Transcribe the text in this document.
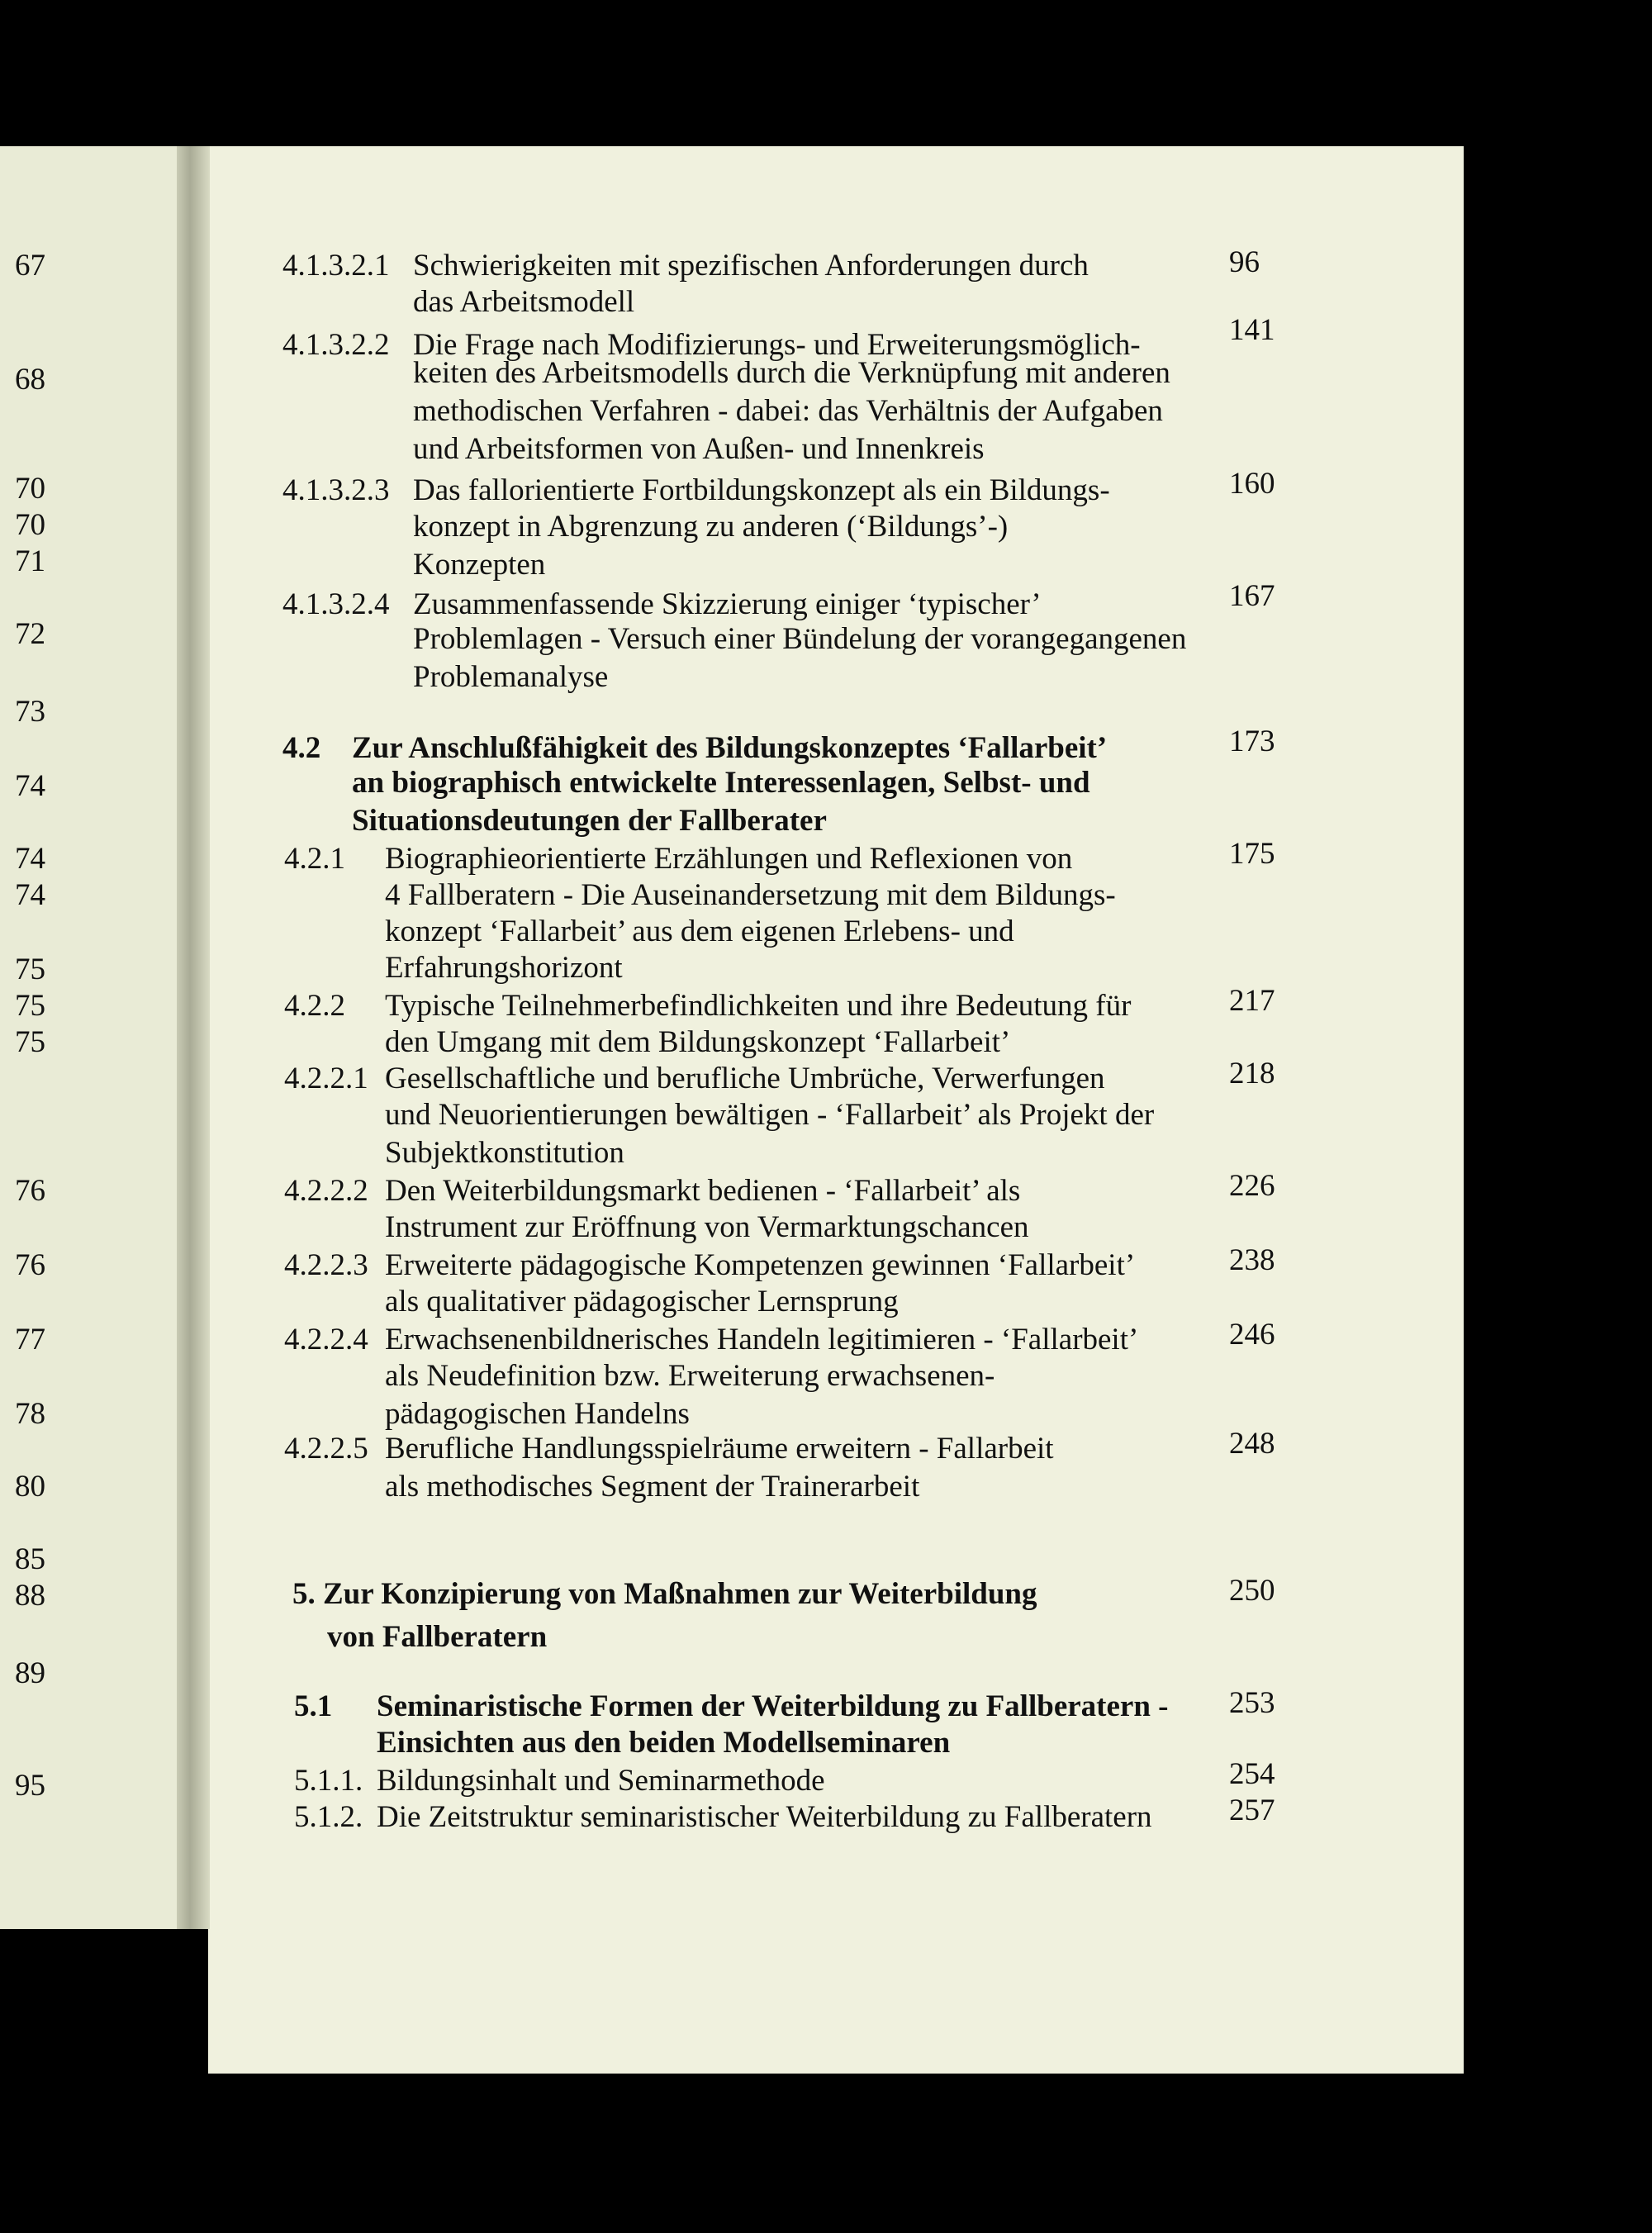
67
68
70
70
71
72
73
74
74
74
75
75
75
76
76
77
78
80
85
88
89
95
4.1.3.2.1 Schwierigkeiten mit spezifischen Anforderungen durch
das Arbeitsmodell
96
4.1.3.2.2 Die Frage nach Modifizierungs- und Erweiterungsmöglich-
keiten des Arbeitsmodells durch die Verknüpfung mit anderen
methodischen Verfahren - dabei: das Verhältnis der Aufgaben
und Arbeitsformen von Außen- und Innenkreis
141
4.1.3.2.3 Das fallorientierte Fortbildungskonzept als ein Bildungs-
konzept in Abgrenzung zu anderen (‘Bildungs’-)
Konzepten
160
4.1.3.2.4 Zusammenfassende Skizzierung einiger ‘typischer’
Problemlagen - Versuch einer Bündelung der vorangegangenen
Problemanalyse
167
4.2 Zur Anschlußfähigkeit des Bildungskonzeptes ‘Fallarbeit’
an biographisch entwickelte Interessenlagen, Selbst- und
Situationsdeutungen der Fallberater
173
4.2.1 Biographieorientierte Erzählungen und Reflexionen von
4 Fallberatern - Die Auseinandersetzung mit dem Bildungs-
konzept ‘Fallarbeit’ aus dem eigenen Erlebens- und
Erfahrungshorizont
175
4.2.2 Typische Teilnehmerbefindlichkeiten und ihre Bedeutung für
den Umgang mit dem Bildungskonzept ‘Fallarbeit’
217
4.2.2.1 Gesellschaftliche und berufliche Umbrüche, Verwerfungen
und Neuorientierungen bewältigen - ‘Fallarbeit’ als Projekt der
Subjektkonstitution
218
4.2.2.2 Den Weiterbildungsmarkt bedienen - ‘Fallarbeit’ als
Instrument zur Eröffnung von Vermarktungschancen
226
4.2.2.3 Erweiterte pädagogische Kompetenzen gewinnen ‘Fallarbeit’
als qualitativer pädagogischer Lernsprung
238
4.2.2.4 Erwachsenenbildnerisches Handeln legitimieren - ‘Fallarbeit’
als Neudefinition bzw. Erweiterung erwachsenen-
pädagogischen Handelns
246
4.2.2.5 Berufliche Handlungsspielräume erweitern - Fallarbeit
als methodisches Segment der Trainerarbeit
248
5. Zur Konzipierung von Maßnahmen zur Weiterbildung
von Fallberatern
250
5.1 Seminaristische Formen der Weiterbildung zu Fallberatern -
Einsichten aus den beiden Modellseminaren
253
5.1.1. Bildungsinhalt und Seminarmethode	254
5.1.2. Die Zeitstruktur seminaristischer Weiterbildung zu Fallberatern	257
